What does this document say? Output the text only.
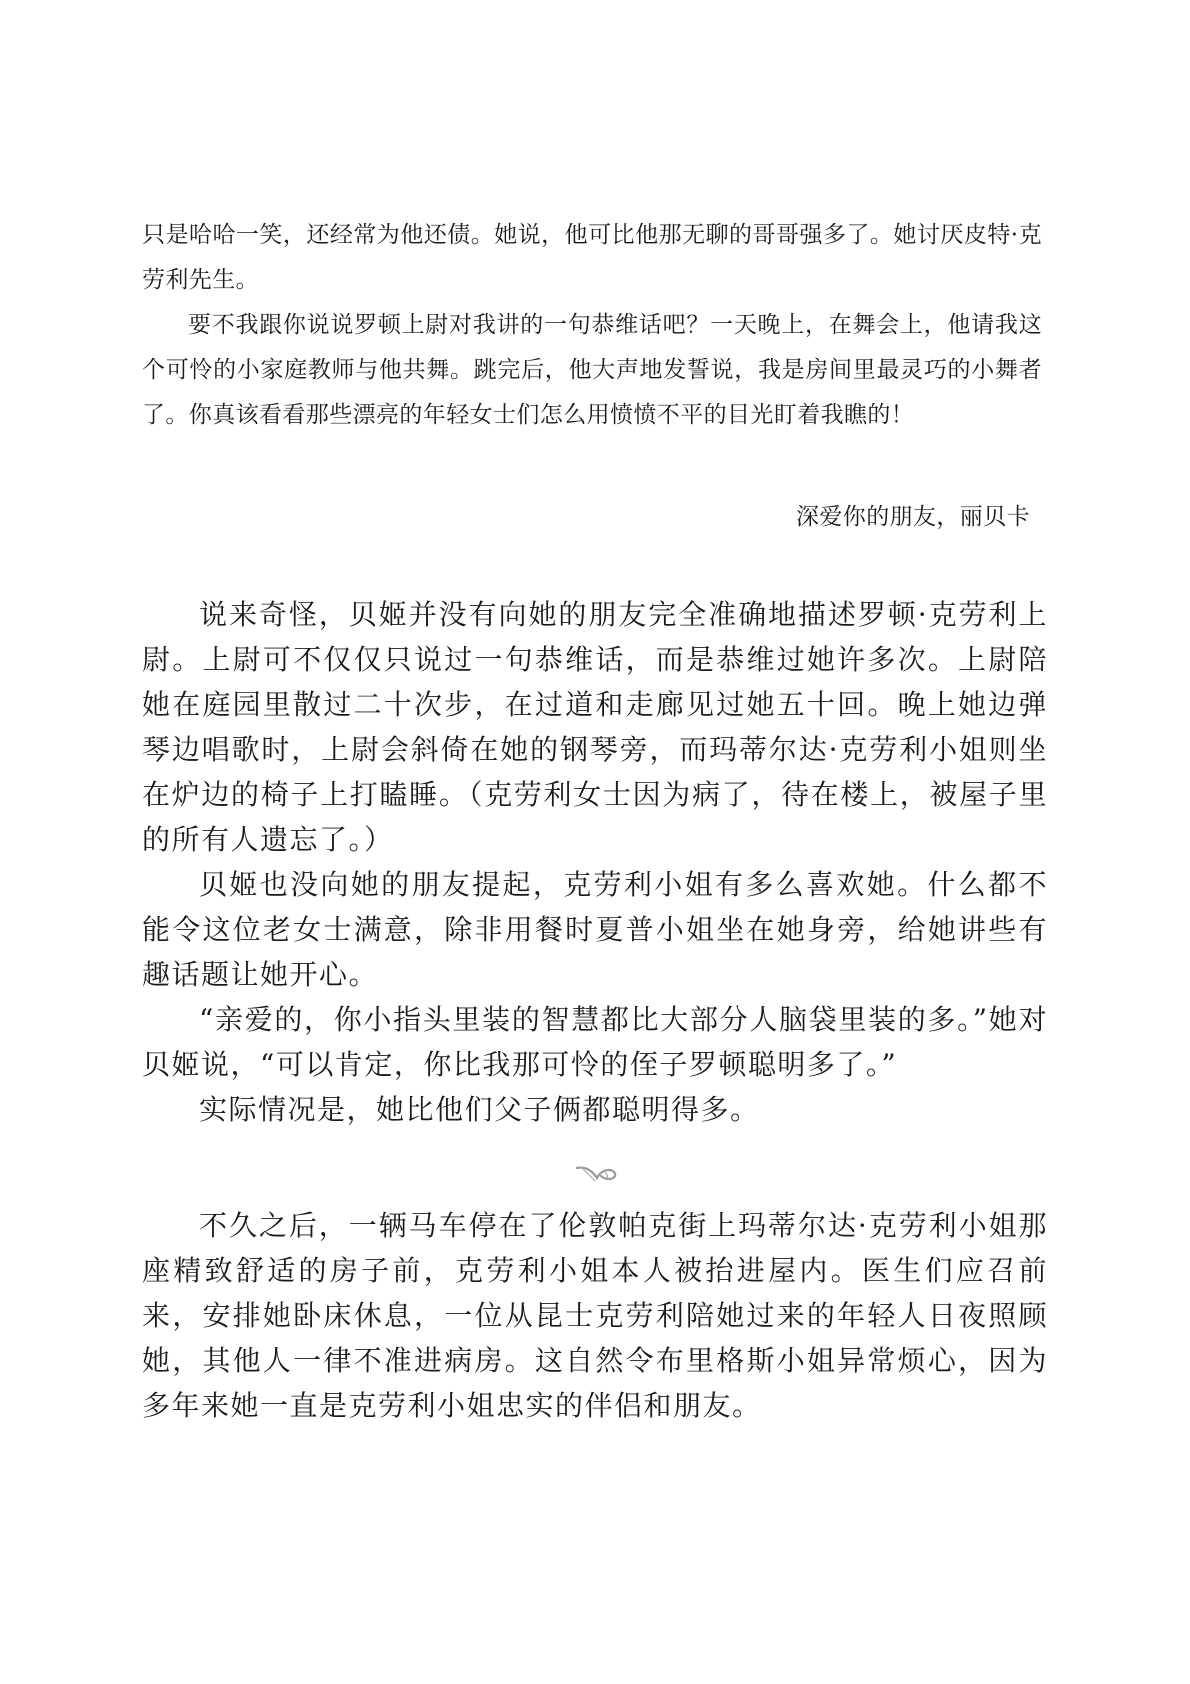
只是哈哈一笑，还经常为他还债。她说，他可比他那无聊的哥哥强多了。她讨厌皮特·克劳利先生。

要不我跟你说说罗顿上尉对我讲的一句恭维话吧？一天晚上，在舞会上，他请我这个可怜的小家庭教师与他共舞。跳完后，他大声地发誓说，我是房间里最灵巧的小舞者了。你真该看看那些漂亮的年轻女士们怎么用愤愤不平的目光盯着我瞧的！

深爱你的朋友，丽贝卡

说来奇怪，贝姬并没有向她的朋友完全准确地描述罗顿·克劳利上尉。上尉可不仅仅只说过一句恭维话，而是恭维过她许多次。上尉陪她在庭园里散过二十次步，在过道和走廊见过她五十回。晚上她边弹琴边唱歌时，上尉会斜倚在她的钢琴旁，而玛蒂尔达·克劳利小姐则坐在炉边的椅子上打瞌睡。（克劳利女士因为病了，待在楼上，被屋子里的所有人遗忘了。）

贝姬也没向她的朋友提起，克劳利小姐有多么喜欢她。什么都不能令这位老女士满意，除非用餐时夏普小姐坐在她身旁，给她讲些有趣话题让她开心。

“亲爱的，你小指头里装的智慧都比大部分人脑袋里装的多。”她对贝姬说，“可以肯定，你比我那可怜的侄子罗顿聪明多了。”

实际情况是，她比他们父子俩都聪明得多。

不久之后，一辆马车停在了伦敦帕克街上玛蒂尔达·克劳利小姐那座精致舒适的房子前，克劳利小姐本人被抬进屋内。医生们应召前来，安排她卧床休息，一位从昆士克劳利陪她过来的年轻人日夜照顾她，其他人一律不准进病房。这自然令布里格斯小姐异常烦心，因为多年来她一直是克劳利小姐忠实的伴侣和朋友。
